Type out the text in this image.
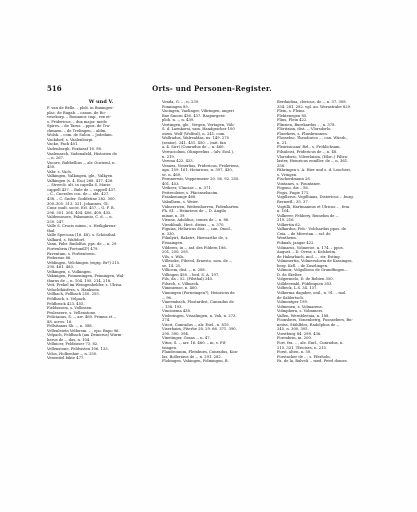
516	Orts- und Personen-Register.
W und V.
F. van de Belle. – pleb. in Buxingeu-
plac. de Rugab. – canon. de Ro-
vesekorp. – Romanor. imp., rex et-
s. Fridericus. – dux major. mede
Spires. – de Tarus. – ppos. de Tra-
ckmaen. – de Trelingen. – aldm.
Wolsk. – com. de Sulon. – Jodedam.
Vackdorf, s. Vaalenborpi.
Vacke, Pack 401.
Vadenborgh, Foxtaeaf 16. 98.
Vaalenaech, Vadenafeld, Historien de
–, n. 267.
Vacore, Rabbellius –, alr. Oosteml, n.
450.
Vabr. s. Vach.
Valkingen, Valkingen, gle., Valkyen
Valkingen (s. 4. Eso) 268. 417. 426.
–. Streecb. alt. in capella S. Marie
cappell 437. – Bule de –, cappell 437.
– C., Cnerales ccn. de –, abt. 427.
438. – C. Snder. Godifetine 282. 300.
300–305. 313. 321. Johannes, Gl.
Cunr. mult. socie. Erl. 457. – G. F. R.
296. 301. 304. 404. 406. 408. 435.
Valdemosore, Palamuntz, C. d. –, n.
250. 247.
Valle S. Crucis minm., s. Heiligkreuz-
thal.
Valle Speciosa (16. 48), s. Schönthal.
Valkard, s. Waltdorf.
Vann, Pabr. Rudolfus, pps. de –, n. 29.
Fortenbrin (Fortunill?) 479.
Faventum, s. Forbentown.
Federeae 86.
Veldingen, Velchingen (eigtg. Br?) 215.
290. 461. 483.
Velkingen, s. Vulkingen.
Vakinigen, Foimeningen, Feimingen, Wal-
tharus de –, n. 104. 195. 214. 218.
Veit, Prekel im Weingenhelder, s. Ulrisa.
Velachtkäsfera, s. Hanksein.
Vellbach, Fellbach 250. 255.
Feldbach, s. Velpach.
Feldbrock 423. 455.
Fieldsssem, s. Vollmsen.
Fesleseere, s. Vellenstone.
Felicianus, S. –, arr. 460. Primus et –,
88. acres. 16.
Fellsitanus Sh. –, n. 388.
Vellenlstein Velforsm. – , epo. Bapo 96.
Velpach, Feldbach (am Deinerus) Wurm-
herus de –, das, n. 104.
Vellnicer, Feldsisser 73. 82.
Vellenstone, Feldsisten 106. 133.
Velos, Holbenhar –, n. 250.
Venentiel bikte 477.
Venda, G. – , n. 239.
Fonningen 85.
Vacingen, Vaelinger, Viliringen, angeri
Bae Smorn 436. 437. Raspurgera-
ploh. n. –, n. 439.
Vertingen, gle., Vergen, Vertagen, Vöb-
S. d. Laenkorsi, sam. Handgeicher 100
osem. Wolf (Wolfral), n. 241. com.
Wallradus, Walrealdas, ns. 149. 270
(senior). 241. 451. 450. – (mit. fan
a. 4. Sirr) (Cunradus de –, n. 460.
Verraciolum, Olimpeelius – (alv. Eosl.),
n. 219.
Verona 422. 423.
Venaea, Vonerlias, Fridericus, Frideriens,
agn. 159. 161. Heinricus, n. 397, 430,
sc. n. 460.
Fernnerwir, Veppermeier 20. 56. 92. 250.
401. 453.
Vetheer, Ulmcias –, n. 371.
Fettreoleier, s. Pfacinsebacim.
Frankenunge 468.
Vabulhem, s. Weier.
Vidneerwen, Weibenborren, Fidenharten
Fh. 81. – Heinrieus de –, D. Angila
minar, n. 39.
Vienne, Adoldius, comes de –, n. 86.
Viesdibaili, Hect. distus –, n. 370.
Figuias, Helaricus dist. –, can. Onod.,
n. 330.
Filmlyirt, Rakstrt, Hieroarthe de, s.
Frisaingen.
Vilderes, in –, asf. des Fildern 186.
201. 250. 295.
Vils, s. Wils.
Villeseke, Fiheed, Ernesto, som. de –,
se. 14. 25.
Villicem, dist. –, n. 208.
Villingen 458. – bed. S. A. 197.
Fils, da – 52. (Filsthal) 245.
Filsech, s. Villmeck.
Vimmiense, n. 460.
Vinningen (Forneingen?), Heinricus de
–, 96.
Vineembach, Flostaribst, Cunradus de
– 138. 193.
Vincinema 438.
Violeringen, Vriaslingen, n. Vah, n. 273.
274.
Viscit, Cunradus –, alr. Esel., n. 819.
Viserhaim, Fiterhe 28. 29. 66. 371. 390.
290. 390. 394.
Vinetinger, Grans –, n. 47.
Vitus, S. –, arr. 16. 460. – in, s. Fil-
tsingen.
Flandronnim, Flemburn, Cunradus, Kon-
las, Bolleriaus de –, n. 291. 282.
Flobingen, Vahingen, Folmingen, B.
Berdaidiua, clericus, de –, n. 37. 308.
354. 281. 282. vgl. au. Wernstrabe 829.
Flein, s. Fleins.
Flektenegen 85.
Flins, Flein 422.
Flinzien, Burekardus – , n. 378.
Flöritzian, dist. –, Vlorsdorlo.
Fluorkers, s. Flinsbrunnen.
Flosseleo, Theodorico – , can. Würzb.,
n. 21.
Fleurisicana' Rel., s. Fröhlichsam.
Filsuleist, Fridericus de –, n. 48.
Vlorsdorio, Vileerlaisin, (Hlor–) Filtra-
laster, Heinricus enniller. de –, n. 361.
358.
Fähringen s. A. Hier und s. d. Loocheri,
s. Vringen.
Fischerdmann 28.
Vontanes, s. Fountaner.
Fogono, die – 56.
Fegis, Fugie 171.
Vogillerus, Vegilhians, Distericus – ,burg.
Rernerfl., 35. 37.
Vogtilli, Hartmannus et Ulricus – , fem.
n. 104.
Vulkerer, Fehbery, Reinehm de –,
219. 216.
Volkertin 62.
Valkardus, Feb.- Volchardus ppos. de
Ceia. – de Mirestan. – ssf. de
Wentheim.
Foknah, jangar 422.
Volmarus, Volmeroe, n. 174. – ppos.
August. – D. Ovesr, s. Kelsheim.
de Halmrbach, mol. – , str. Esting.
Volmmertin, Volmersdorm de Kassinges,
berg. Kell. – de Zuselingen.
Volmoiz, Volgolboso de Grundfingen.–
D. de Skelter.
Volgermelo, D. de Bobien 350.
Volldeermbl, Füblinquen 303.
Volbeck, L.S. 34. 137.
Volkerma dagaber, onil., n. 91. – mol.
de Sablertsch.
Volmontger 199.
Volmenen, s. Volmarene.
Volmphera, s. Volmmers.
Vallen, Wernbleenia, n. 188.
Foonsbers, Vonenbetrg, Foonsebers, Bu-
neiiss, Stählbles, Radolphus de –,
245, n. 300. 305.
Vorstburg 84. 298. 436.
Forenbrin, m. 200.
Fort, fra. – , ale. Earl., Cunradus, n.
215. 331. Tfricises, n. 215.
Forst, alten, n. 50.
Forstacker de – , s. Pferholn.
Fa. de la, Balveli. – med. Peerl domes.
